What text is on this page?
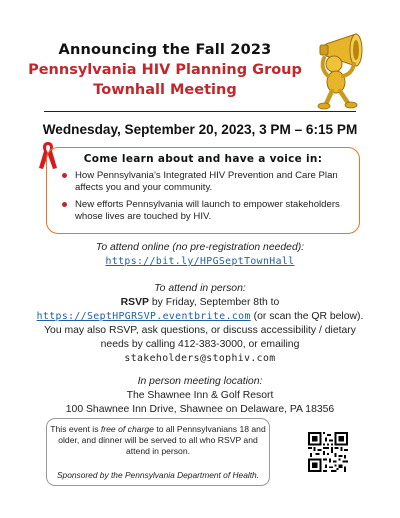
Announcing the Fall 2023
Pennsylvania HIV Planning Group
Townhall Meeting
Wednesday, September 20, 2023, 3 PM – 6:15 PM
Come learn about and have a voice in:
How Pennsylvania’s Integrated HIV Prevention and Care Plan affects you and your community.
New efforts Pennsylvania will launch to empower stakeholders whose lives are touched by HIV.
To attend online (no pre-registration needed):
https://bit.ly/HPGSeptTownHall
To attend in person:
RSVP by Friday, September 8th to
https://SeptHPGRSVP.eventbrite.com (or scan the QR below).
You may also RSVP, ask questions, or discuss accessibility / dietary
needs by calling 412-383-3000, or emailing
stakeholders@stophiv.com
In person meeting location:
The Shawnee Inn & Golf Resort
100 Shawnee Inn Drive, Shawnee on Delaware, PA 18356
This event is free of charge to all Pennsylvanians 18 and older, and dinner will be served to all who RSVP and attend in person.
Sponsored by the Pennsylvania Department of Health.
